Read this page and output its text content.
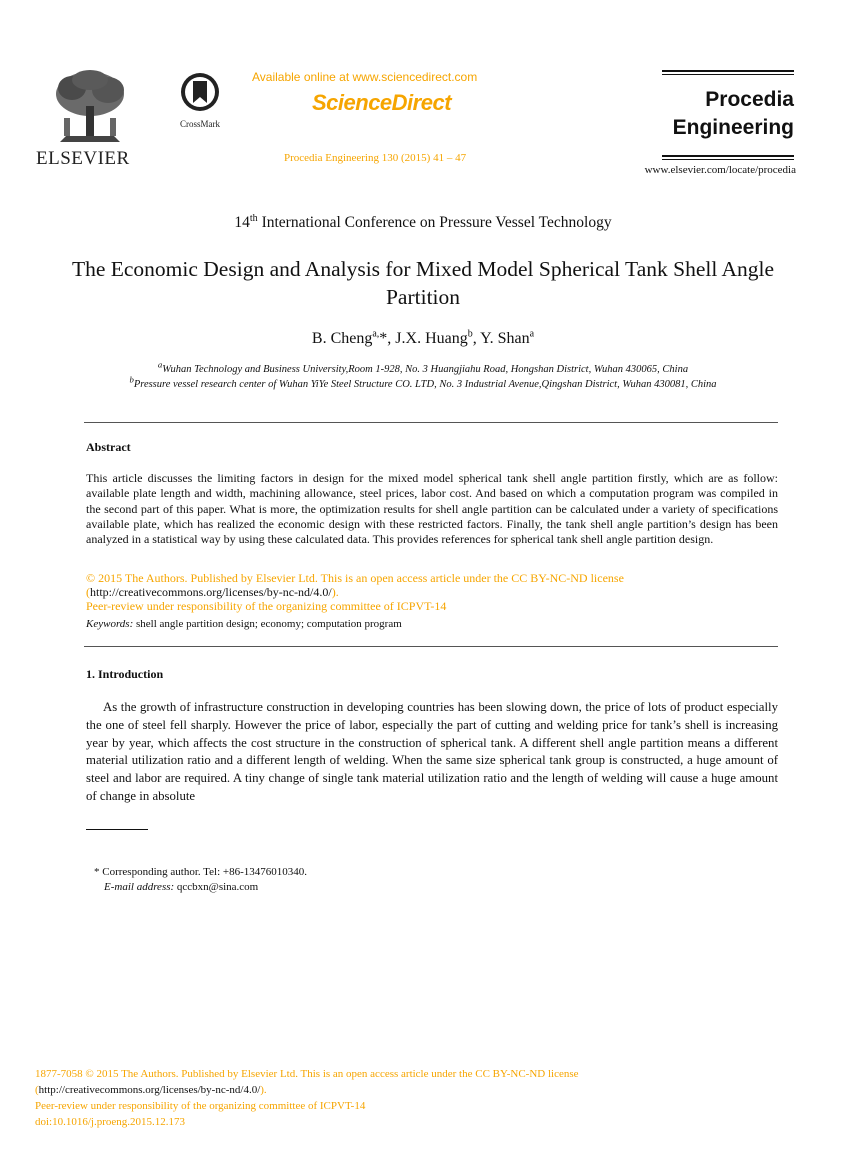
ELSEVIER
CrossMark
Available online at www.sciencedirect.com
ScienceDirect
Procedia Engineering 130 (2015) 41 – 47
Procedia
Engineering
www.elsevier.com/locate/procedia
14th International Conference on Pressure Vessel Technology
The Economic Design and Analysis for Mixed Model Spherical Tank Shell Angle Partition
B. Cheng$^{a,}$*, J.X. Huang$^b$, Y. Shan$^a$
$^a$Wuhan Technology and Business University,Room 1-928, No. 3 Huangjiahu Road, Hongshan District, Wuhan 430065, China
$^b$Pressure vessel research center of Wuhan YiYe Steel Structure CO. LTD, No. 3 Industrial Avenue,Qingshan District, Wuhan 430081, China
Abstract
This article discusses the limiting factors in design for the mixed model spherical tank shell angle partition firstly, which are as follow: available plate length and width, machining allowance, steel prices, labor cost. And based on which a computation program was compiled in the second part of this paper. What is more, the optimization results for shell angle partition can be calculated under a variety of specifications available plate, which has realized the economic design with these restricted factors. Finally, the tank shell angle partition’s design has been analyzed in a statistical way by using these calculated data. This provides references for spherical tank shell angle partition design.
© 2015 The Authors. Published by Elsevier Ltd. This is an open access article under the CC BY-NC-ND license
(http://creativecommons.org/licenses/by-nc-nd/4.0/).
Peer-review under responsibility of the organizing committee of ICPVT-14
Keywords: shell angle partition design; economy; computation program
1. Introduction
As the growth of infrastructure construction in developing countries has been slowing down, the price of lots of product especially the one of steel fell sharply. However the price of labor, especially the part of cutting and welding price for tank’s shell is increasing year by year, which affects the cost structure in the construction of spherical tank. A different shell angle partition means a different material utilization ratio and a different length of welding. When the same size spherical tank group is constructed, a huge amount of steel and labor are required. A tiny change of single tank material utilization ratio and the length of welding will cause a huge amount of change in absolute
* Corresponding author. Tel: +86-13476010340.
E-mail address: qccbxn@sina.com
1877-7058 © 2015 The Authors. Published by Elsevier Ltd. This is an open access article under the CC BY-NC-ND license
(http://creativecommons.org/licenses/by-nc-nd/4.0/).
Peer-review under responsibility of the organizing committee of ICPVT-14
doi:10.1016/j.proeng.2015.12.173
